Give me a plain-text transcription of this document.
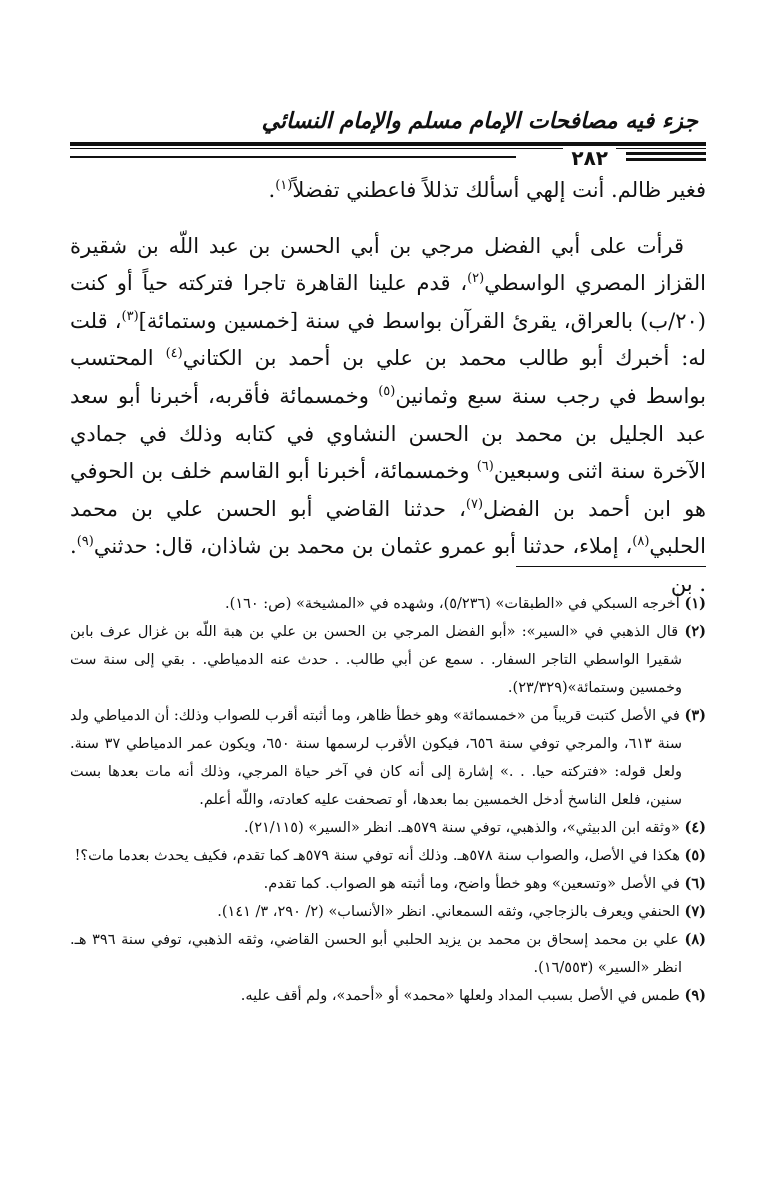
جزء فيه مصافحات الإمام مسلم والإمام النسائي
٢٨٢

فغير ظالم. أنت إلهي أسألك تذللاً فاعطني تفضلاً$^{(١)}$.

قرأت على أبي الفضل مرجي بن أبي الحسن بن عبد اللّه بن شقيرة القزاز المصري الواسطي$^{(٢)}$، قدم علينا القاهرة تاجرا فتركته حياً أو كنت (٢٠/ب) بالعراق، يقرئ القرآن بواسط في سنة [خمسين وستمائة]$^{(٣)}$، قلت له: أخبرك أبو طالب محمد بن علي بن أحمد بن الكتاني$^{(٤)}$ المحتسب بواسط في رجب سنة سبع وثمانين$^{(٥)}$ وخمسمائة فأقربه، أخبرنا أبو سعد عبد الجليل بن محمد بن الحسن النشاوي في كتابه وذلك في جمادي الآخرة سنة اثنى وسبعين$^{(٦)}$ وخمسمائة، أخبرنا أبو القاسم خلف بن الحوفي هو ابن أحمد بن الفضل$^{(٧)}$، حدثنا القاضي أبو الحسن علي بن محمد الحلبي$^{(٨)}$، إملاء، حدثنا أبو عمرو عثمان بن محمد بن شاذان، قال: حدثني$^{(٩)}$. . بن

(١) أخرجه السبكي في «الطبقات» (٥/٢٣٦)، وشهده في «المشيخة» (ص: ١٦٠).

(٢) قال الذهبي في «السير»: «أبو الفضل المرجي بن الحسن بن علي بن هبة اللّه بن غزال عرف بابن شقيرا الواسطي التاجر السفار. . سمع عن أبي طالب. . حدث عنه الدمياطي. . بقي إلى سنة ست وخمسين وستمائة»(٢٣/٣٢٩).

(٣) في الأصل كتبت قريباً من «خمسمائة» وهو خطأ ظاهر، وما أثبته أقرب للصواب وذلك: أن الدمياطي ولد سنة ٦١٣، والمرجي توفي سنة ٦٥٦، فيكون الأقرب لرسمها سنة ٦٥٠، ويكون عمر الدمياطي ٣٧ سنة. ولعل قوله: «فتركته حيا. . .» إشارة إلى أنه كان في آخر حياة المرجي، وذلك أنه مات بعدها بست سنين، فلعل الناسخ أدخل الخمسين بما بعدها، أو تصحفت عليه كعادته، واللّه أعلم.

(٤) «وثقه ابن الدبيثي»، والذهبي، توفي سنة ٥٧٩هـ. انظر «السير» (٢١/١١٥).

(٥) هكذا في الأصل، والصواب سنة ٥٧٨هـ. وذلك أنه توفي سنة ٥٧٩هـ كما تقدم، فكيف يحدث بعدما مات؟!

(٦) في الأصل «وتسعين» وهو خطأ واضح، وما أثبته هو الصواب. كما تقدم.

(٧) الحنفي ويعرف بالزجاجي، وثقه السمعاني. انظر «الأنساب» (٢/ ٢٩٠، ٣/ ١٤١).

(٨) علي بن محمد إسحاق بن محمد بن يزيد الحلبي أبو الحسن القاضي، وثقه الذهبي، توفي سنة ٣٩٦ هـ. انظر «السير» (١٦/٥٥٣).

(٩) طمس في الأصل بسبب المداد ولعلها «محمد» أو «أحمد»، ولم أقف عليه.
